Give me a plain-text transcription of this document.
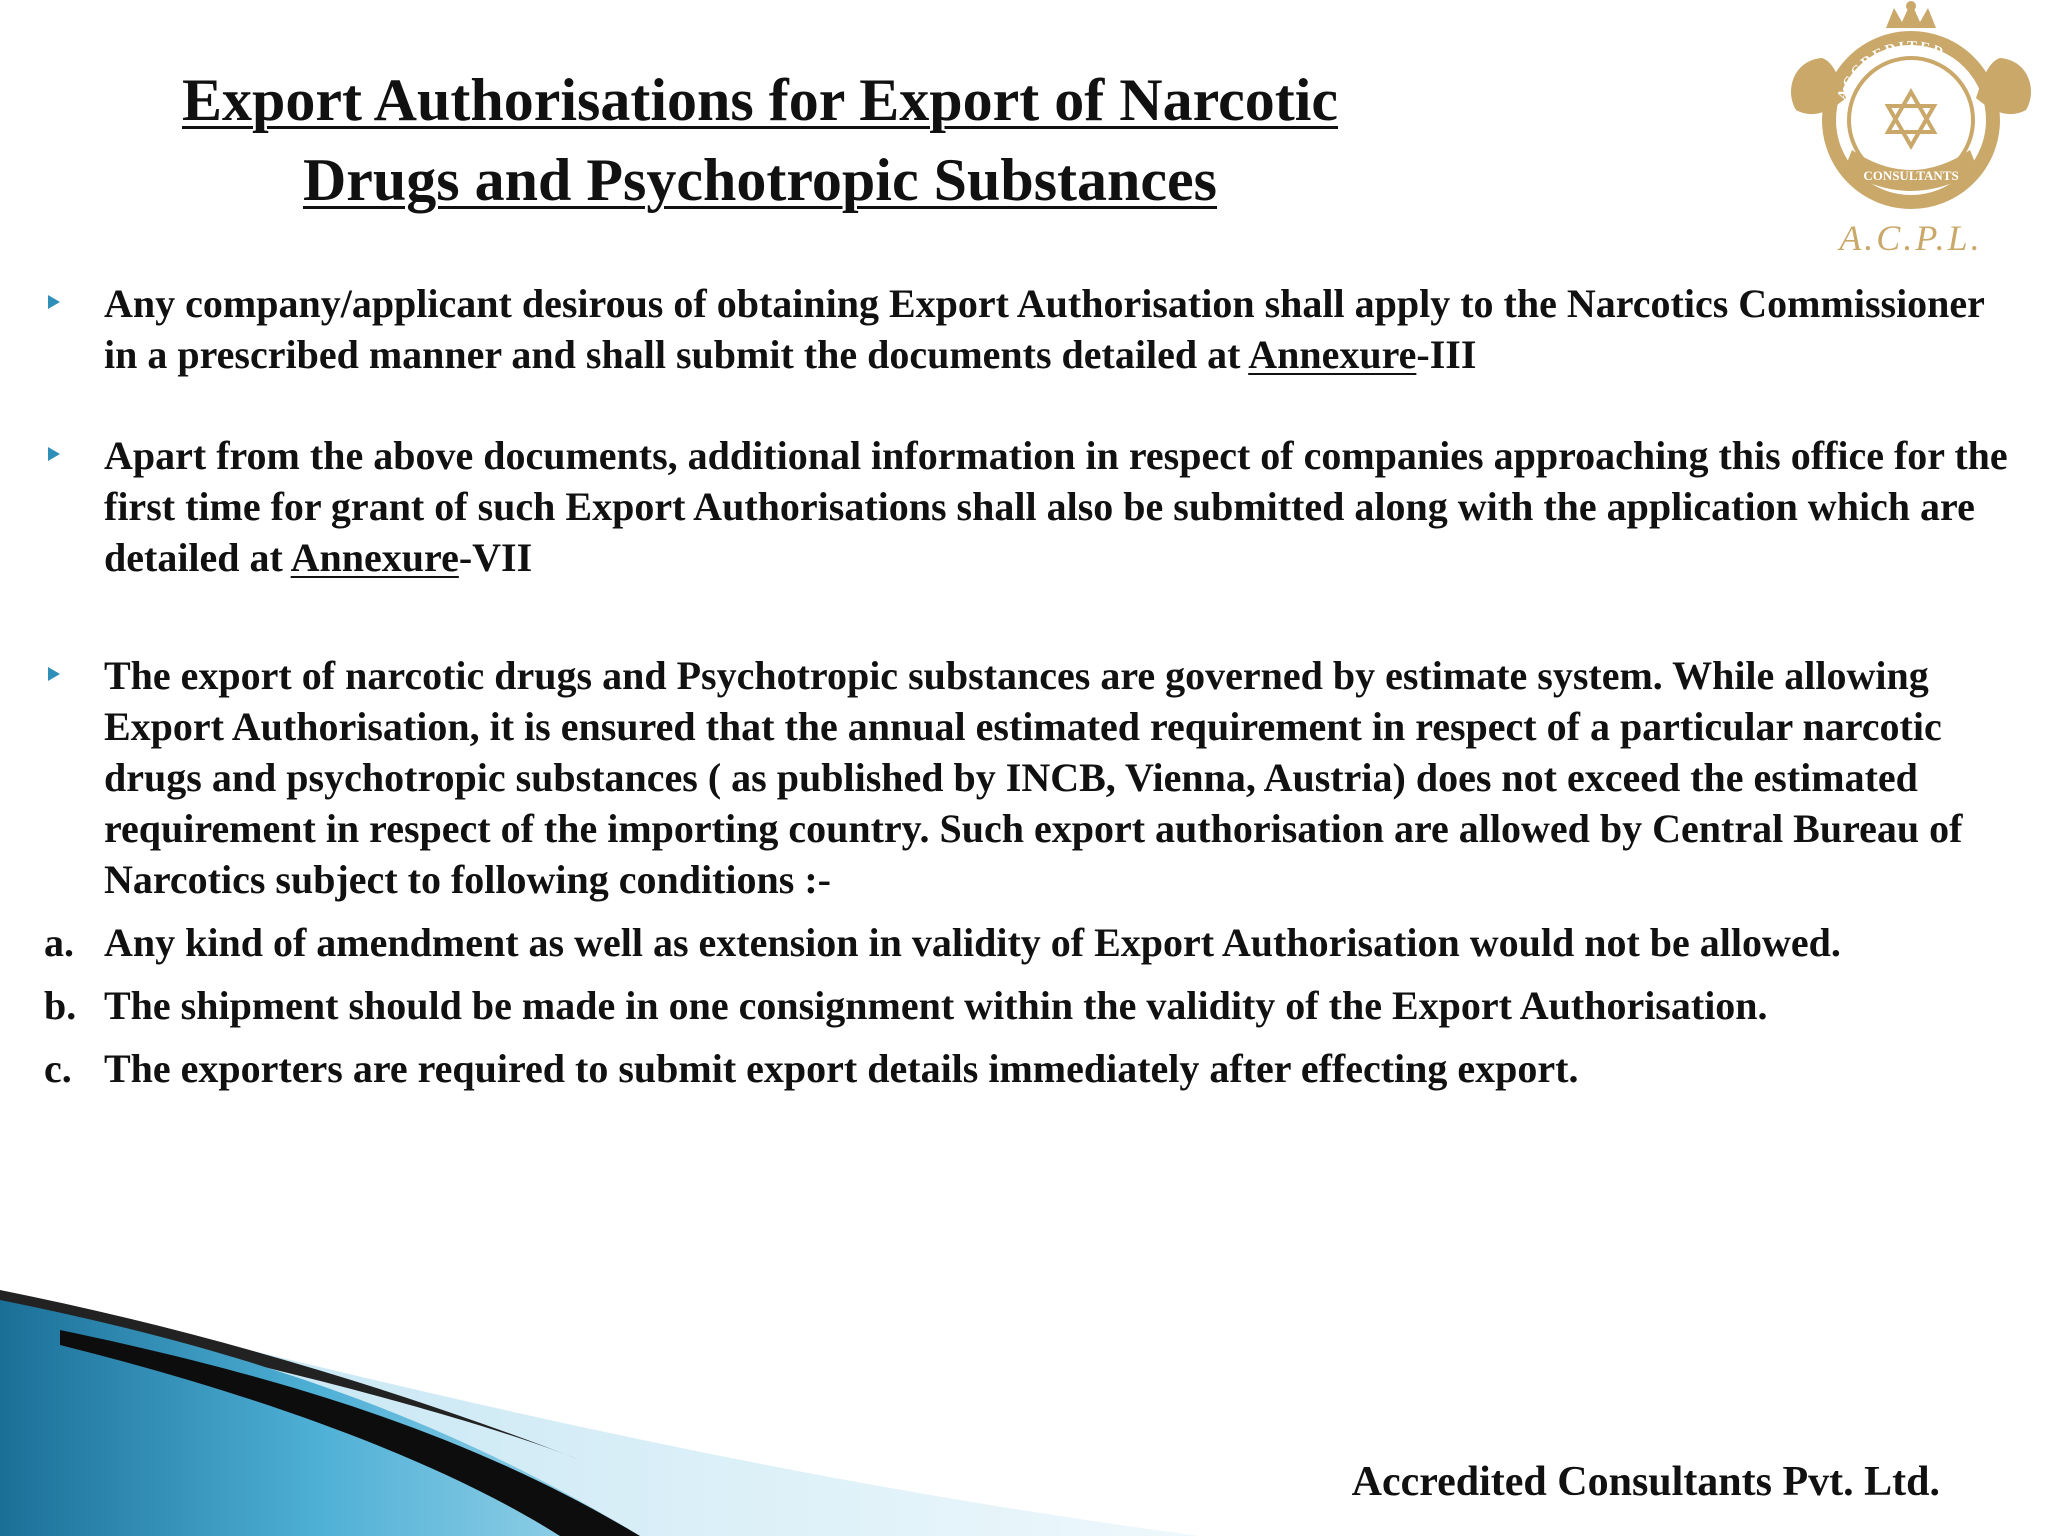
Export Authorisations for Export of Narcotic
Drugs and Psychotropic Substances
ACCREDITED
CONSULTANTS
A.C.P.L.
Any company/applicant desirous of obtaining Export Authorisation shall apply to the Narcotics Commissioner in a prescribed manner and shall submit the documents detailed at Annexure-III
Apart from the above documents, additional information in respect of companies approaching this office for the first time for grant of such Export Authorisations shall also be submitted along with the application which are detailed at Annexure-VII
The export of narcotic drugs and Psychotropic substances are governed by estimate system. While allowing Export Authorisation, it is ensured that the annual estimated requirement in respect of a particular narcotic drugs and psychotropic substances ( as published by INCB, Vienna, Austria) does not exceed the estimated requirement in respect of the importing country. Such export authorisation are allowed by Central Bureau of Narcotics subject to following conditions :-
a. Any kind of amendment as well as extension in validity of Export Authorisation would not be allowed.
b. The shipment should be made in one consignment within the validity of the Export Authorisation.
c. The exporters are required to submit export details immediately after effecting export.
Accredited Consultants Pvt. Ltd.
